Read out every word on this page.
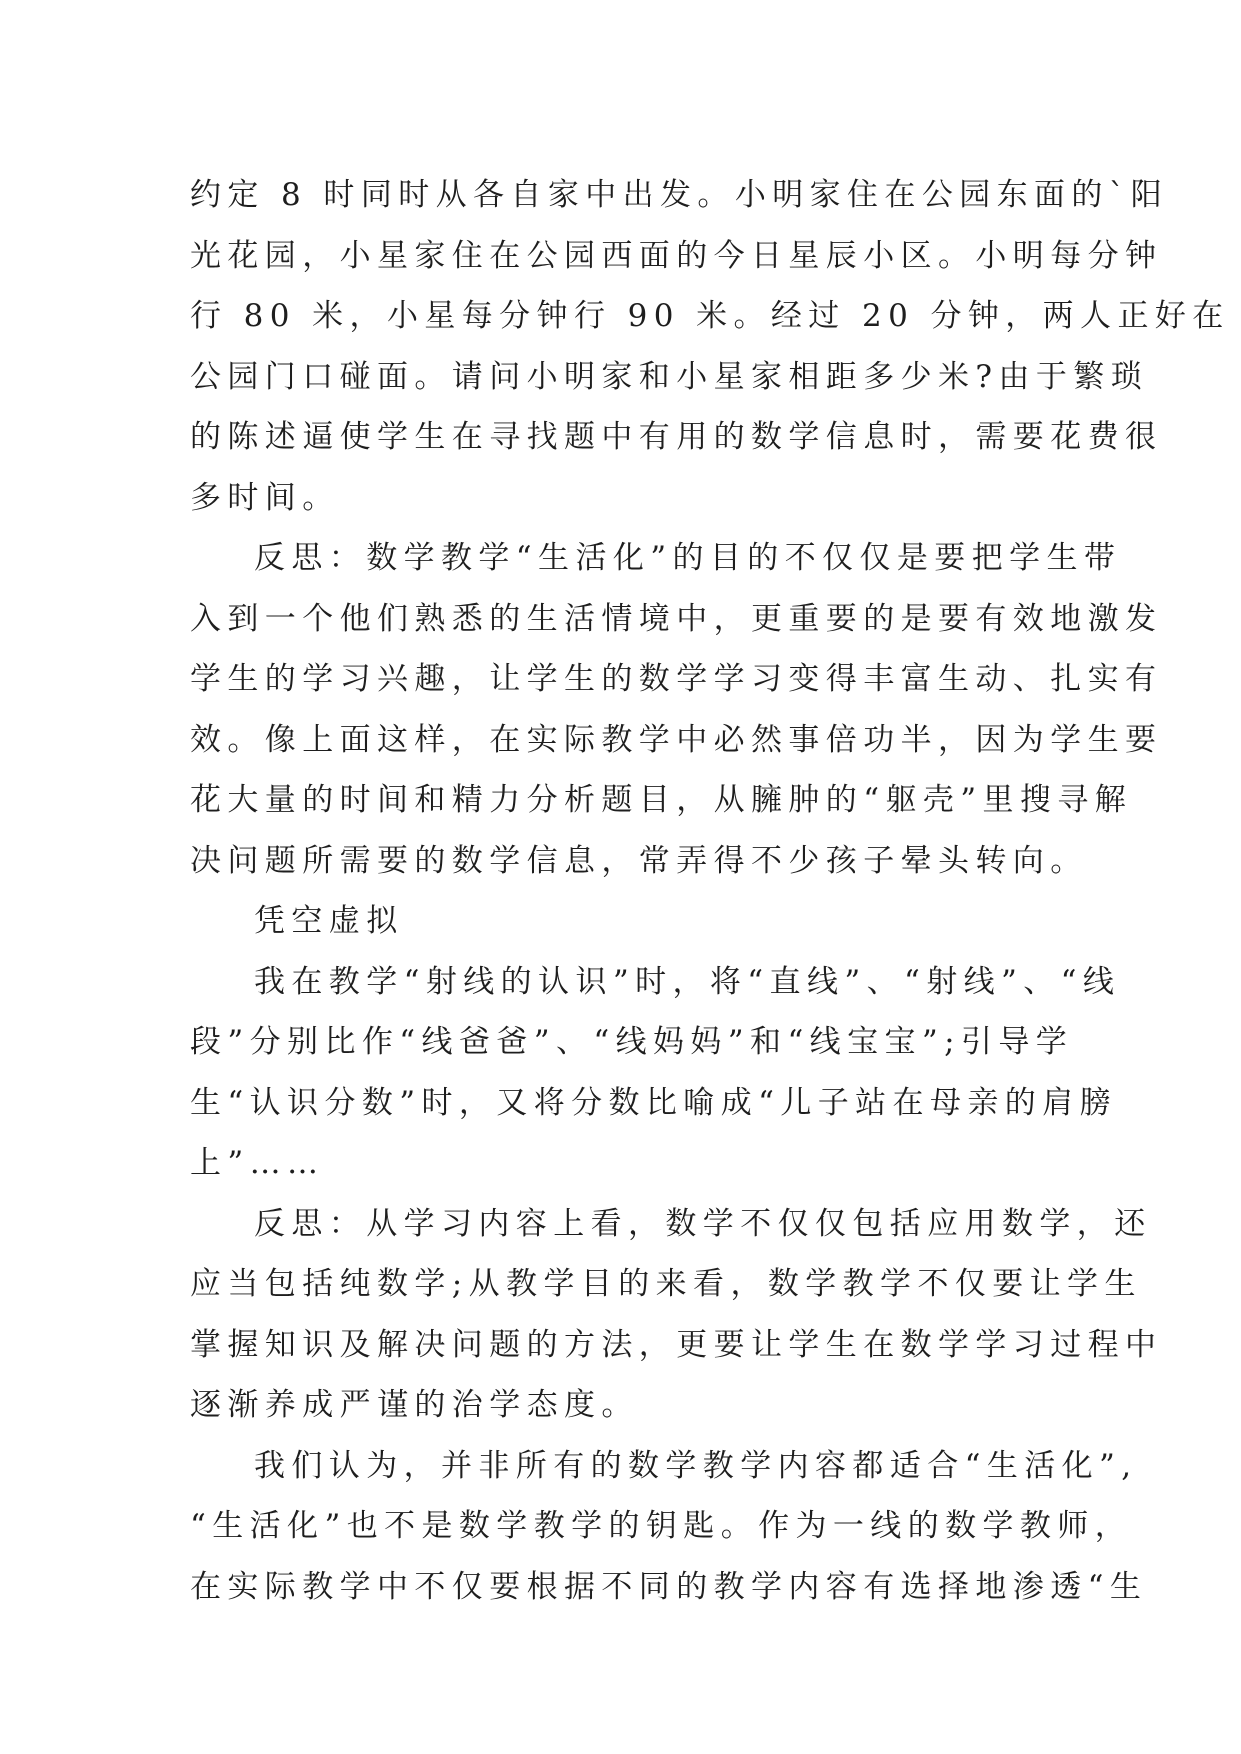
约定 8 时同时从各自家中出发。小明家住在公园东面的`阳
光花园，小星家住在公园西面的今日星辰小区。小明每分钟
行 80 米，小星每分钟行 90 米。经过 20 分钟，两人正好在
公园门口碰面。请问小明家和小星家相距多少米?由于繁琐
的陈述逼使学生在寻找题中有用的数学信息时，需要花费很
多时间。
反思：数学教学“生活化”的目的不仅仅是要把学生带
入到一个他们熟悉的生活情境中，更重要的是要有效地激发
学生的学习兴趣，让学生的数学学习变得丰富生动、扎实有
效。像上面这样，在实际教学中必然事倍功半，因为学生要
花大量的时间和精力分析题目，从臃肿的“躯壳”里搜寻解
决问题所需要的数学信息，常弄得不少孩子晕头转向。
凭空虚拟
我在教学“射线的认识”时，将“直线”、“射线”、“线
段”分别比作“线爸爸”、“线妈妈”和“线宝宝”;引导学
生“认识分数”时，又将分数比喻成“儿子站在母亲的肩膀
上”……
反思：从学习内容上看，数学不仅仅包括应用数学，还
应当包括纯数学;从教学目的来看，数学教学不仅要让学生
掌握知识及解决问题的方法，更要让学生在数学学习过程中
逐渐养成严谨的治学态度。
我们认为，并非所有的数学教学内容都适合“生活化”,
“生活化”也不是数学教学的钥匙。作为一线的数学教师，
在实际教学中不仅要根据不同的教学内容有选择地渗透“生
